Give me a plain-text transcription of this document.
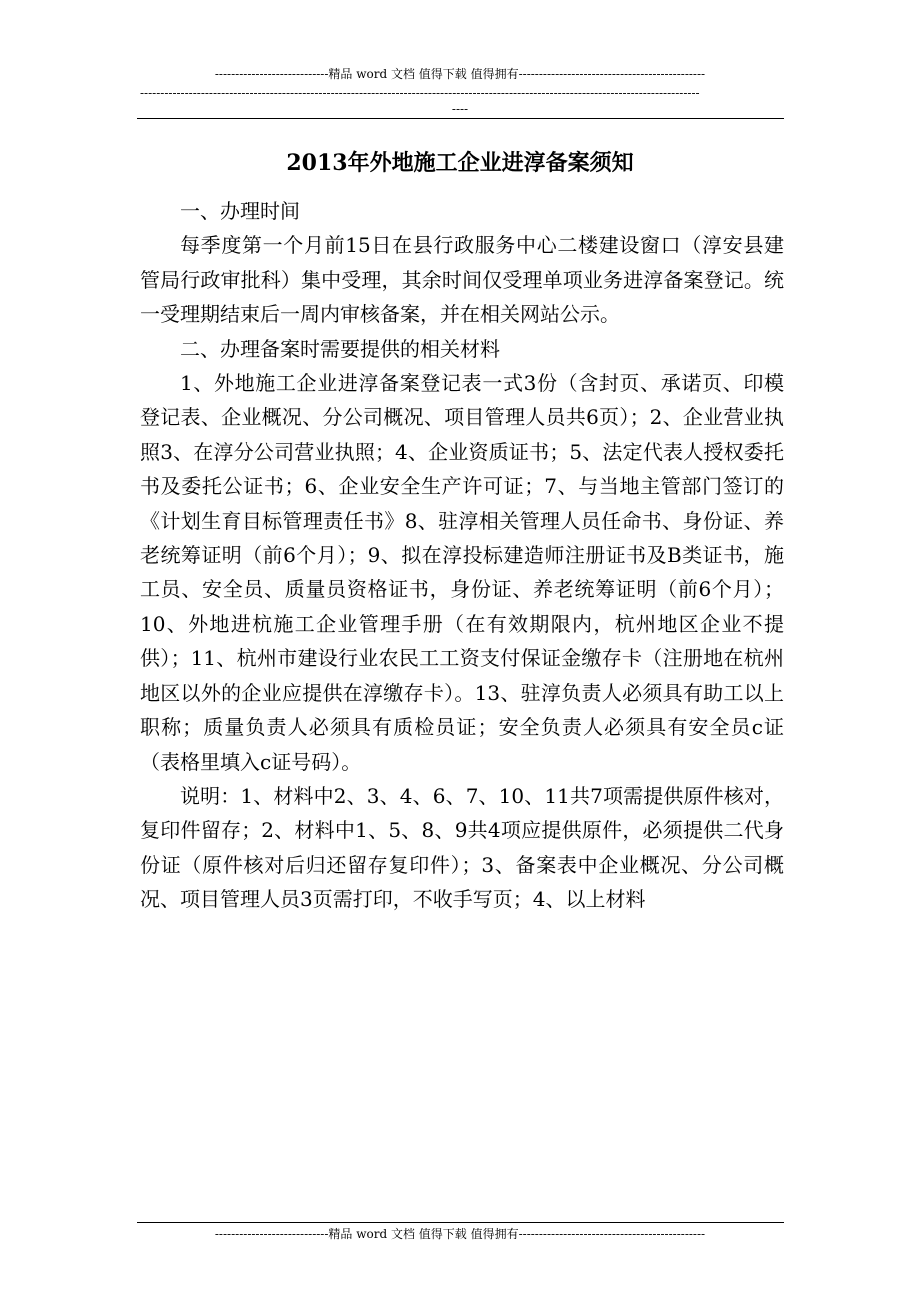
----------------------------精品 word 文档 值得下载 值得拥有----------------------------------------------
------------------------------------------------------------------------------------------------------------------------------------------
----
2013年外地施工企业进淳备案须知

一、办理时间

每季度第一个月前15日在县行政服务中心二楼建设窗口（淳安县建管局行政审批科）集中受理，其余时间仅受理单项业务进淳备案登记。统一受理期结束后一周内审核备案，并在相关网站公示。

二、办理备案时需要提供的相关材料

1、外地施工企业进淳备案登记表一式3份（含封页、承诺页、印模登记表、企业概况、分公司概况、项目管理人员共6页）；2、企业营业执照3、在淳分公司营业执照；4、企业资质证书；5、法定代表人授权委托书及委托公证书；6、企业安全生产许可证；7、与当地主管部门签订的《计划生育目标管理责任书》8、驻淳相关管理人员任命书、身份证、养老统筹证明（前6个月）；9、拟在淳投标建造师注册证书及B类证书，施工员、安全员、质量员资格证书，身份证、养老统筹证明（前6个月）；10、外地进杭施工企业管理手册（在有效期限内，杭州地区企业不提供）；11、杭州市建设行业农民工工资支付保证金缴存卡（注册地在杭州地区以外的企业应提供在淳缴存卡）。13、驻淳负责人必须具有助工以上职称；质量负责人必须具有质检员证；安全负责人必须具有安全员c证（表格里填入c证号码）。

说明：1、材料中2、3、4、6、7、10、11共7项需提供原件核对，复印件留存；2、材料中1、5、8、9共4项应提供原件，必须提供二代身份证（原件核对后归还留存复印件）；3、备案表中企业概况、分公司概况、项目管理人员3页需打印，不收手写页；4、以上材料

----------------------------精品 word 文档 值得下载 值得拥有----------------------------------------------
